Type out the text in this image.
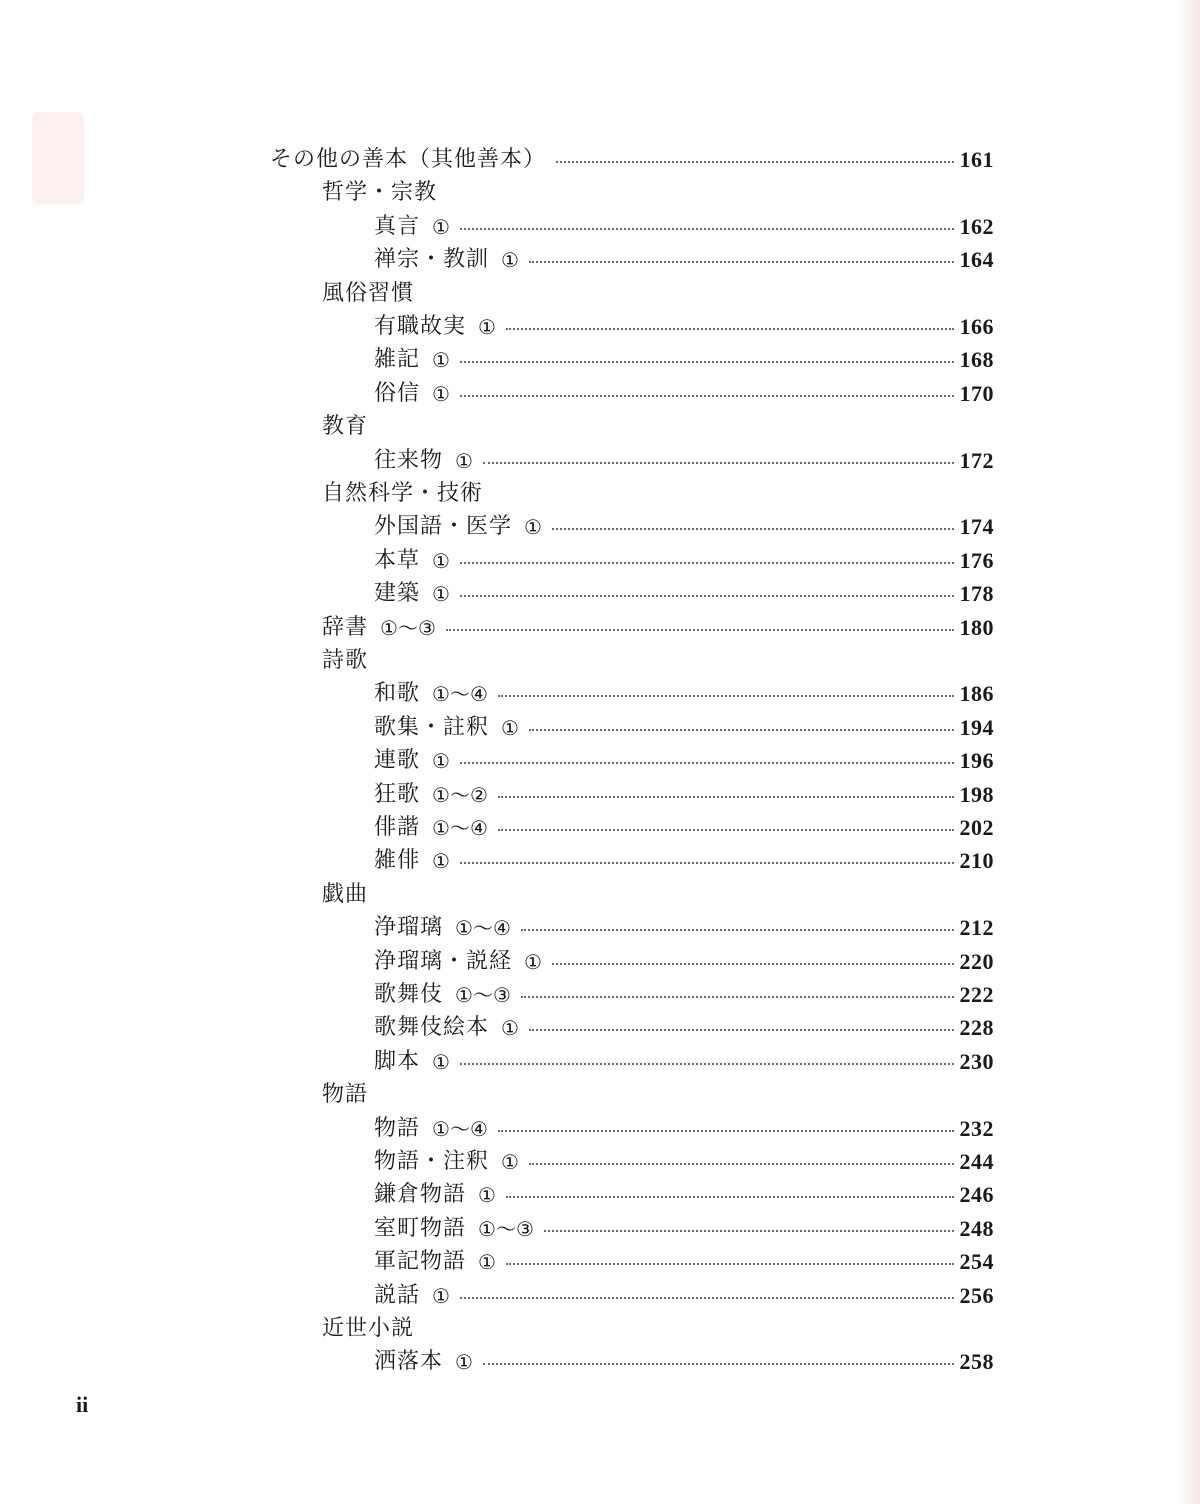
その他の善本（其他善本）	161
哲学・宗教
真言 ①	162
禅宗・教訓 ①	164
風俗習慣
有職故実 ①	166
雑記 ①	168
俗信 ①	170
教育
往来物 ①	172
自然科学・技術
外国語・医学 ①	174
本草 ①	176
建築 ①	178
辞書 ①〜③	180
詩歌
和歌 ①〜④	186
歌集・註釈 ①	194
連歌 ①	196
狂歌 ①〜②	198
俳諧 ①〜④	202
雑俳 ①	210
戯曲
浄瑠璃 ①〜④	212
浄瑠璃・説経 ①	220
歌舞伎 ①〜③	222
歌舞伎絵本 ①	228
脚本 ①	230
物語
物語 ①〜④	232
物語・注釈 ①	244
鎌倉物語 ①	246
室町物語 ①〜③	248
軍記物語 ①	254
説話 ①	256
近世小説
洒落本 ①	258
ii
